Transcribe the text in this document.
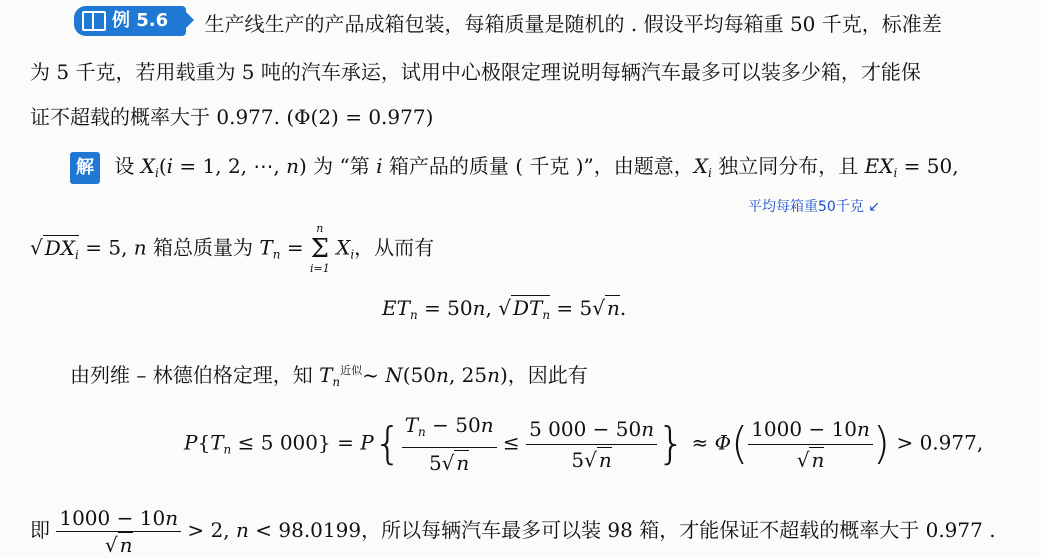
例 5.6 生产线生产的产品成箱包装，每箱质量是随机的 . 假设平均每箱重 50 千克，标准差
为 5 千克，若用载重为 5 吨的汽车承运，试用中心极限定理说明每辆汽车最多可以装多少箱，才能保
证不超载的概率大于 0.977. (Φ(2) = 0.977)
解 设 $X_i(i = 1$, 2, ⋯, n) 为 “第 i 箱产品的质量 ( 千克 )”，由题意，$X_i$ 独立同分布，且 $EX_i = 50$,
平均每箱重50千克 ↙
√ $DX_i = 5$, n 箱总质量为 $T_n$ =
n
Σ
i=1
$X_i$，从而有
$ET_n = 50n$, √ $DT_n = 5√$ n.
由列维 – 林德伯格定理，知 $T_n^{近似}\sim$ N(50n, 25n)，因此有
$P\{T_n \le 5$ $000\} = P\{ \frac{T_n - 50n}{5√ n} \le \frac{5 000 - 50n}{5√ n}$ } ≈ $\Phi( \frac{1000 - 10n}{√ n}$ ) > 0.977,
即 $\frac{1000 - 10n}{√ n} > 2$, n < 98.0199，所以每辆汽车最多可以装 98 箱，才能保证不超载的概率大于 0.977 .
